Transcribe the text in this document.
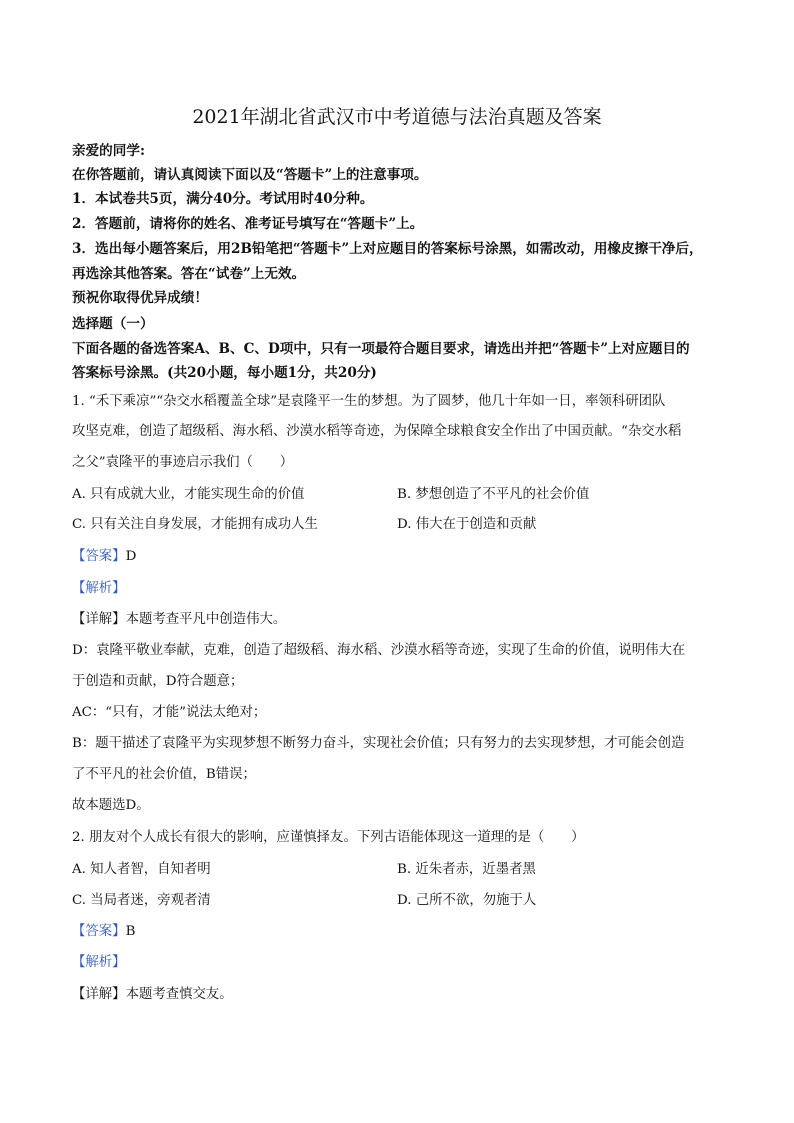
2021年湖北省武汉市中考道德与法治真题及答案
亲爱的同学:
在你答题前，请认真阅读下面以及“答题卡”上的注意事项。
1．本试卷共5页，满分40分。考试用时40分种。
2．答题前，请将你的姓名、准考证号填写在“答题卡”上。
3．选出每小题答案后，用2B铅笔把“答题卡”上对应题目的答案标号涂黑，如需改动，用橡皮擦干净后，
再选涂其他答案。答在“试卷”上无效。
预祝你取得优异成绩！
选择题（一）
下面各题的备选答案A、B、C、D项中，只有一项最符合题目要求，请选出并把“答题卡”上对应题目的
答案标号涂黑。(共20小题，每小题1分，共20分)
1. “禾下乘凉”“杂交水稻覆盖全球”是袁隆平一生的梦想。为了圆梦，他几十年如一日，率领科研团队
攻坚克难，创造了超级稻、海水稻、沙漠水稻等奇迹，为保障全球粮食安全作出了中国贡献。“杂交水稻
之父”袁隆平的事迹启示我们（　　）
A. 只有成就大业，才能实现生命的价值	B. 梦想创造了不平凡的社会价值
C. 只有关注自身发展，才能拥有成功人生	D. 伟大在于创造和贡献
【答案】D
【解析】
【详解】本题考查平凡中创造伟大。
D：袁隆平敬业奉献，克难，创造了超级稻、海水稻、沙漠水稻等奇迹，实现了生命的价值，说明伟大在
于创造和贡献，D符合题意；
AC：“只有，才能”说法太绝对；
B：题干描述了袁隆平为实现梦想不断努力奋斗，实现社会价值；只有努力的去实现梦想，才可能会创造
了不平凡的社会价值，B错误；
故本题选D。
2. 朋友对个人成长有很大的影响，应谨慎择友。下列古语能体现这一道理的是（　　）
A. 知人者智，自知者明	B. 近朱者赤，近墨者黑
C. 当局者迷，旁观者清	D. 己所不欲，勿施于人
【答案】B
【解析】
【详解】本题考查慎交友。
